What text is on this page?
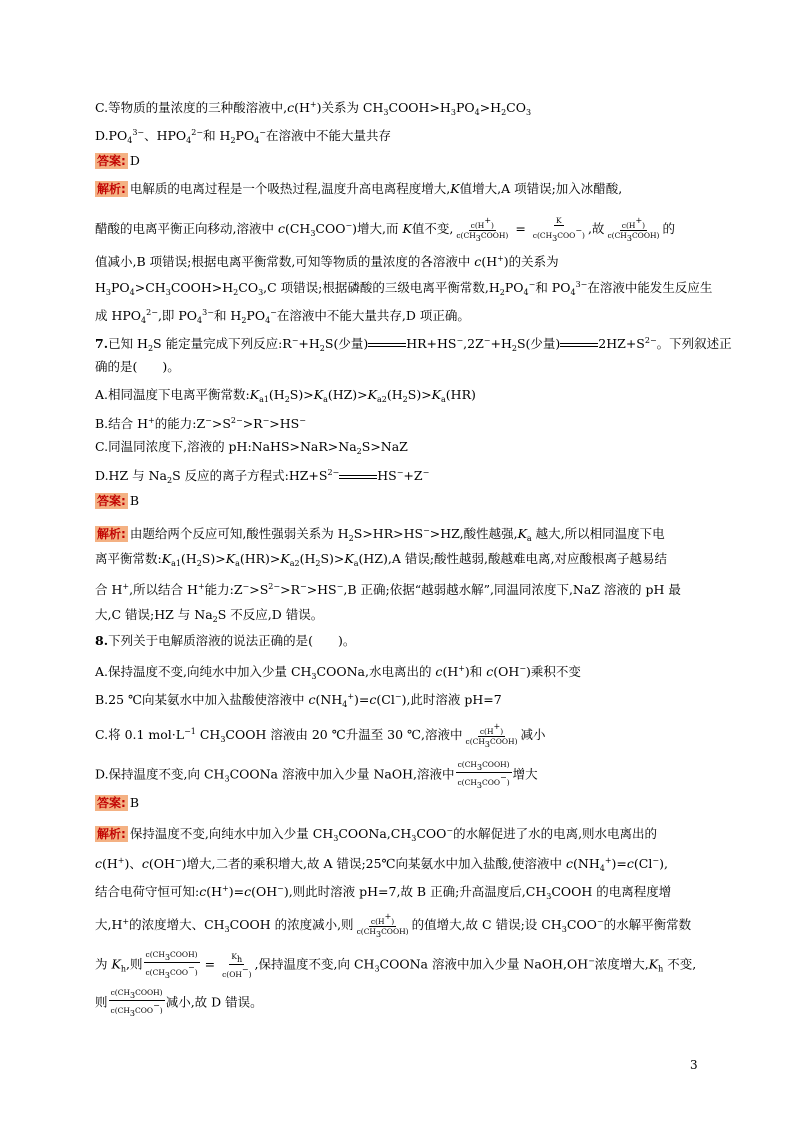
C.等物质的量浓度的三种酸溶液中,c(H+)关系为 $CH_3COOH>H_3PO_4>H_2CO_3$
$D.PO_4^{3-}$、$HPO_4^{2-}$和 $H_2PO_4^-$在溶液中不能大量共存
答案: D
解析: 电解质的电离过程是一个吸热过程,温度升高电离程度增大,K值增大,A 项错误;加入冰醋酸,
醋酸的电离平衡正向移动,溶液中 $c(CH_3COO^-)$增大,而 K值不变, $\frac{c(H+)}{\text{c(CH3COOH)}} = \frac{K}{\text{c(CH3COO−)}}$ ,故 $\frac{c(H+)}{\text{c(CH3COOH)}}$ 的
值减小,B 项错误;根据电离平衡常数,可知等物质的量浓度的各溶液中 c(H+)的关系为
$H_3PO_4>CH_3COOH>H_2CO_3,C$ 项错误;根据磷酸的三级电离平衡常数$,H_2PO_4^-$和 $PO_4^{3-}$在溶液中能发生反应生
成 $HPO_4^{2-}$,即 $PO_4^{3-}$和 $H_2PO_4^-$在溶液中不能大量共存,D 项正确。
7.已知 $H_2S$ 能定量完成下列反应$:R^-+H_2S$(少量)	$HR+HS^-,2Z^-+H_2S$(少量)	$2HZ+S^{2-}$。下列叙述正
确的是(　　)。
A.相同温度下电离平衡常数$:K_{a1}(H_2S)>K_a(HZ)>K_{a2}(H_2S)>K_a(HR)$
B.结合 H+的能力$:Z^->S^{2-}>R^->HS^-$
C.同温同浓度下,溶液的 $pH:NaHS>NaR>Na_2S>NaZ$
D.HZ 与 $Na_2S$ 反应的离子方程式$:HZ+S^{2-}$	HS−+Z−
答案: B
解析: 由题给两个反应可知,酸性强弱关系为 $H_2S>HR>HS^->HZ$,酸性越强$,K_a$ 越大,所以相同温度下电
离平衡常数$:K_{a1}(H_2S)>K_a(HR)>K_{a2}(H_2S)>K_a(HZ),A$ 错误;酸性越弱,酸越难电离,对应酸根离子越易结
合 H+,所以结合 H+能力$:Z^->S^{2-}>R^->HS^-,B$ 正确;依据“越弱越水解”,同温同浓度下,NaZ 溶液的 pH 最
大,C 错误;HZ 与 $Na_2S$ 不反应,D 错误。
8.下列关于电解质溶液的说法正确的是(　　)。
A.保持温度不变,向纯水中加入少量 $CH_3COONa$,水电离出的 c(H+)和 c(OH−)乘积不变
B.25 ℃向某氨水中加入盐酸使溶液中 $c(NH_4^+)=c(Cl^-)$,此时溶液 pH=7
C.将 0.1 $mol\cdot L^{-1}$ $CH_3COOH$ 溶液由 20 ℃升温至 30 ℃,溶液中 $\frac{c(H+)}{\text{c(CH3COOH)}}$ 减小
D.保持温度不变,向 $CH_3COONa$ 溶液中加入少量 NaOH,溶液中 $\frac{\text{c(CH3COOH)}}{\text{c(CH3COO−)}}$ 增大
答案: B
解析: 保持温度不变,向纯水中加入少量 $CH_3COONa,CH_3COO^-$的水解促进了水的电离,则水电离出的
c(H+)、c(OH−)增大,二者的乘积增大,故 A 错误;25℃向某氨水中加入盐酸,使溶液中 $c(NH_4^+)=c(Cl^-)$,
结合电荷守恒可知:c(H+)=c(OH−),则此时溶液 pH=7,故 B 正确;升高温度后$,CH_3COOH$ 的电离程度增
大,H+的浓度增大、$CH_3COOH$ 的浓度减小,则 $\frac{c(H+)}{\text{c(CH3COOH)}}$ 的值增大,故 C 错误;设 $CH_3COO^-$的水解平衡常数
为 $K_h$,则 $\frac{\text{c(CH3COOH)}}{\text{c(CH3COO−)}} = \frac{Kh}{c(OH-)}$ ,保持温度不变,向 $CH_3COONa$ 溶液中加入少量 NaOH,OH−浓度增大$,K_h$ 不变,
则 $\frac{\text{c(CH3COOH)}}{\text{c(CH3COO−)}}$ 减小,故 D 错误。
3
